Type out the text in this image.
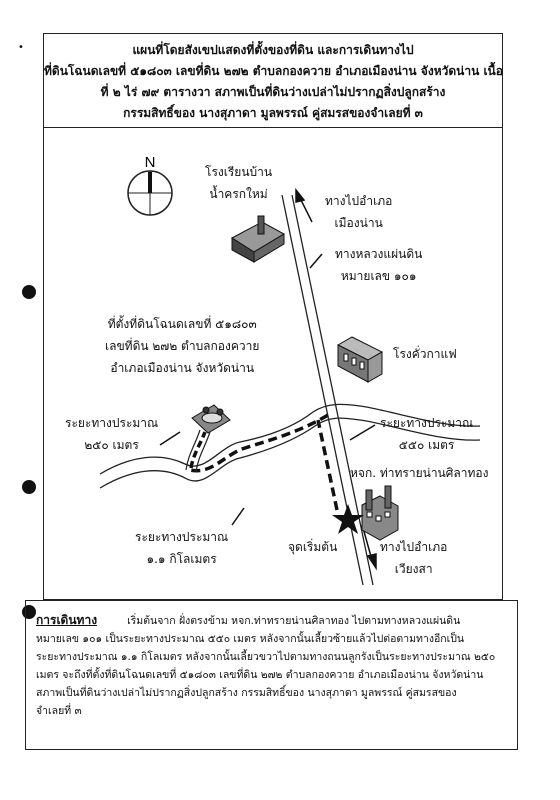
•	แผนที่โดยสังเขปแสดงที่ตั้งของที่ดิน และการเดินทางไป
ที่ดินโฉนดเลขที่ ๕๑๘๐๓ เลขที่ดิน ๒๗๒ ตำบลกองควาย อำเภอเมืองน่าน จังหวัดน่าน เนื้อ
ที่ ๒ ไร่ ๗๙ ตารางวา สภาพเป็นที่ดินว่างเปล่าไม่ปรากฏสิ่งปลูกสร้าง
กรรมสิทธิ์ของ นางสุภาดา มูลพรรณ์ คู่สมรสของจำเลยที่ ๓
N
โรงเรียนบ้าน
น้ำครกใหม่	ทางไปอำเภอ
เมืองน่าน
ทางหลวงแผ่นดิน
หมายเลข ๑๐๑
โรงคั่วกาแฟ
ที่ตั้งที่ดินโฉนดเลขที่ ๕๑๘๐๓
เลขที่ดิน ๒๗๒ ตำบลกองควาย
อำเภอเมืองน่าน จังหวัดน่าน
ระยะทางประมาณ
๒๕๐ เมตร
ระยะทางประมาณ
๕๕๐ เมตร
หจก. ท่าทรายน่านศิลาทอง
ระยะทางประมาณ
๑.๑ กิโลเมตร
จุดเริ่มต้น	ทางไปอำเภอ
เวียงสา
การเดินทาง	เริ่มต้นจาก ฝั่งตรงข้าม หจก.ท่าทรายน่านศิลาทอง ไปตามทางหลวงแผ่นดิน
หมายเลข ๑๐๑ เป็นระยะทางประมาณ ๕๕๐ เมตร หลังจากนั้นเลี้ยวซ้ายแล้วไปต่อตามทางอีกเป็น
ระยะทางประมาณ ๑.๑ กิโลเมตร หลังจากนั้นเลี้ยวขวาไปตามทางถนนลูกรังเป็นระยะทางประมาณ ๒๕๐
เมตร จะถึงที่ตั้งที่ดินโฉนดเลขที่ ๕๑๘๐๓ เลขที่ดิน ๒๗๒ ตำบลกองควาย อำเภอเมืองน่าน จังหวัดน่าน
สภาพเป็นที่ดินว่างเปล่าไม่ปรากฏสิ่งปลูกสร้าง กรรมสิทธิ์ของ นางสุภาดา มูลพรรณ์ คู่สมรสของ
จำเลยที่ ๓
